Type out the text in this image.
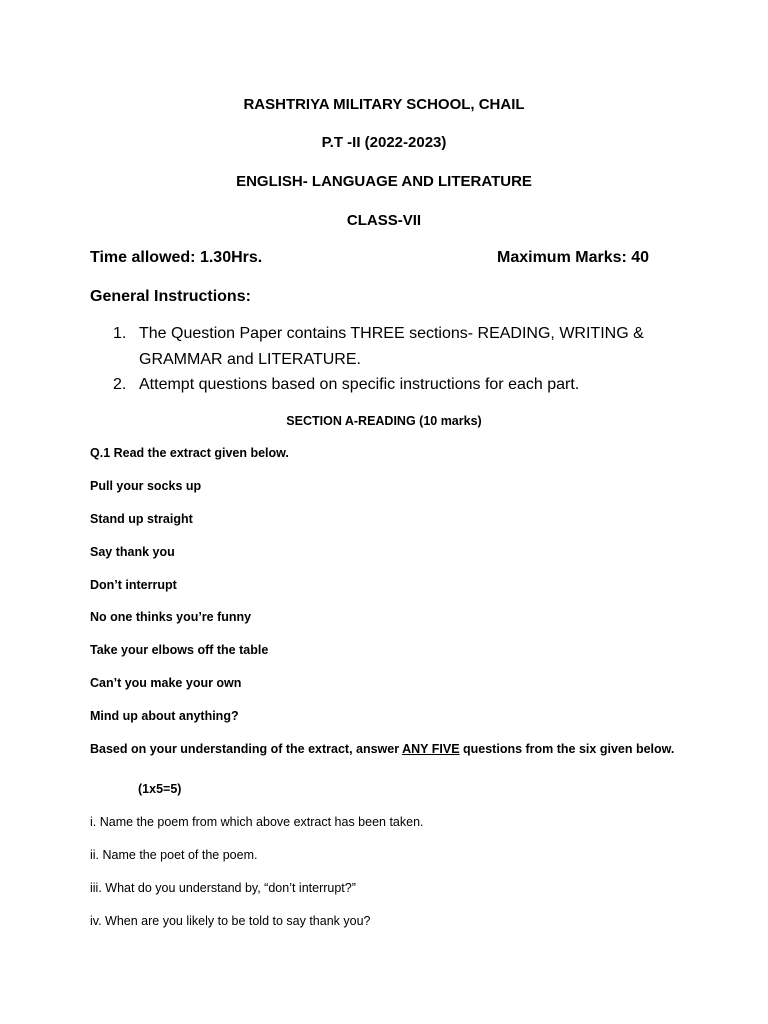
RASHTRIYA MILITARY SCHOOL, CHAIL
P.T -II (2022-2023)
ENGLISH- LANGUAGE AND LITERATURE
CLASS-VII
Time allowed: 1.30Hrs.	Maximum Marks: 40
General Instructions:
1. The Question Paper contains THREE sections- READING, WRITING &
GRAMMAR and LITERATURE.
2. Attempt questions based on specific instructions for each part.
SECTION A-READING (10 marks)
Q.1 Read the extract given below.
Pull your socks up
Stand up straight
Say thank you
Don’t interrupt
No one thinks you’re funny
Take your elbows off the table
Can’t you make your own
Mind up about anything?
Based on your understanding of the extract, answer ANY FIVE questions from the six given below.
(1x5=5)
i. Name the poem from which above extract has been taken.
ii. Name the poet of the poem.
iii. What do you understand by, “don’t interrupt?”
iv. When are you likely to be told to say thank you?
